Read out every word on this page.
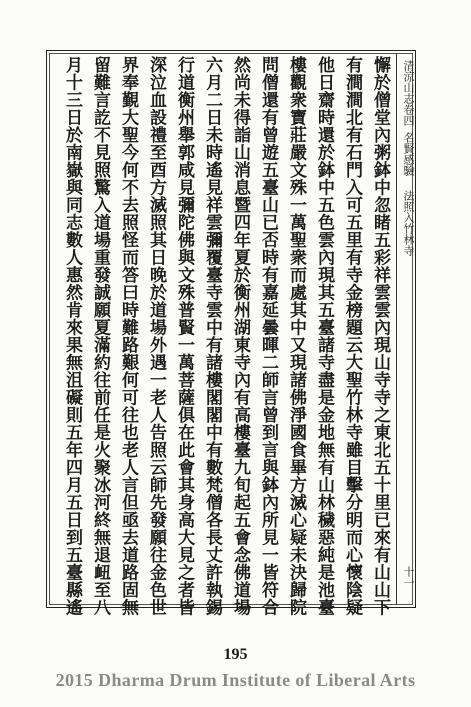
清涼山志卷四
名賢感驗
法照入竹林寺
十一
懈於僧堂內粥鉢中忽睹五彩祥雲雲內現山寺寺之東北五十里已來有山山下
有澗澗北有石門入可五里有寺金榜題云大聖竹林寺雖目擊分明而心懷陰疑
他日齋時還於鉢中五色雲內現其五臺諸寺盡是金地無有山林穢惡純是池臺
樓觀衆寶莊嚴文殊一萬聖衆而處其中又現諸佛淨國食畢方滅心疑未決歸院
問僧還有曾遊五臺山已否時有嘉延曇暉二師言曾到言與鉢內所見一皆符合
然尚未得詣山消息暨四年夏於衡州湖東寺內有高樓臺九旬起五會念佛道場
六月二日未時遙見祥雲彌覆臺寺雲中有諸樓閣閣中有數梵僧各長丈許執錫
行道衡州舉郭咸見彌陀佛與文殊普賢一萬菩薩俱在此會其身高大見之者皆
深泣血設禮至酉方滅照其日晚於道場外遇一老人告照云師先發願往金色世
界奉覲大聖今何不去照怪而答曰時難路艱何可往也老人言但亟去道路固無
留難言訖不見照驚入道場重發誠願夏滿約往前任是火聚冰河終無退衄至八
月十三日於南嶽與同志數人惠然肯來果無沮礙則五年四月五日到五臺縣遙
195
2015 Dharma Drum Institute of Liberal Arts
